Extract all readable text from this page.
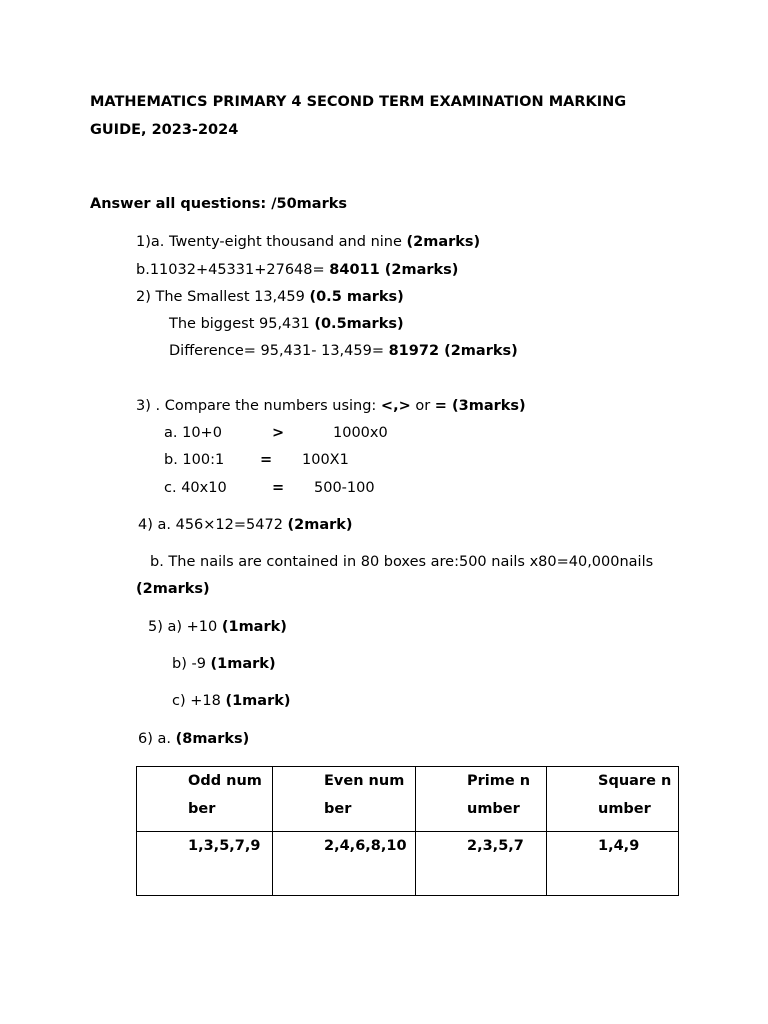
MATHEMATICS PRIMARY 4 SECOND TERM EXAMINATION MARKING
GUIDE, 2023-2024
Answer all questions: /50marks
1)a. Twenty-eight thousand and nine (2marks)
b.11032+45331+27648= 84011 (2marks)
2) The Smallest 13,459 (0.5 marks)
The biggest 95,431 (0.5marks)
Difference= 95,431- 13,459= 81972 (2marks)
3) . Compare the numbers using: <,> or = (3marks)
a. 10+0	>	1000x0
b. 100:1 = 100X1
c. 40x10	= 500-100
4) a. 456×12=5472 (2mark)
b. The nails are contained in 80 boxes are:500 nails x80=40,000nails
(2marks)
5) a) +10 (1mark)
b) -9 (1mark)
c) +18 (1mark)
6) a. (8marks)
Odd number	Even number	Prime number	Square number

1,3,5,7,9	2,4,6,8,10	2,3,5,7	1,4,9
